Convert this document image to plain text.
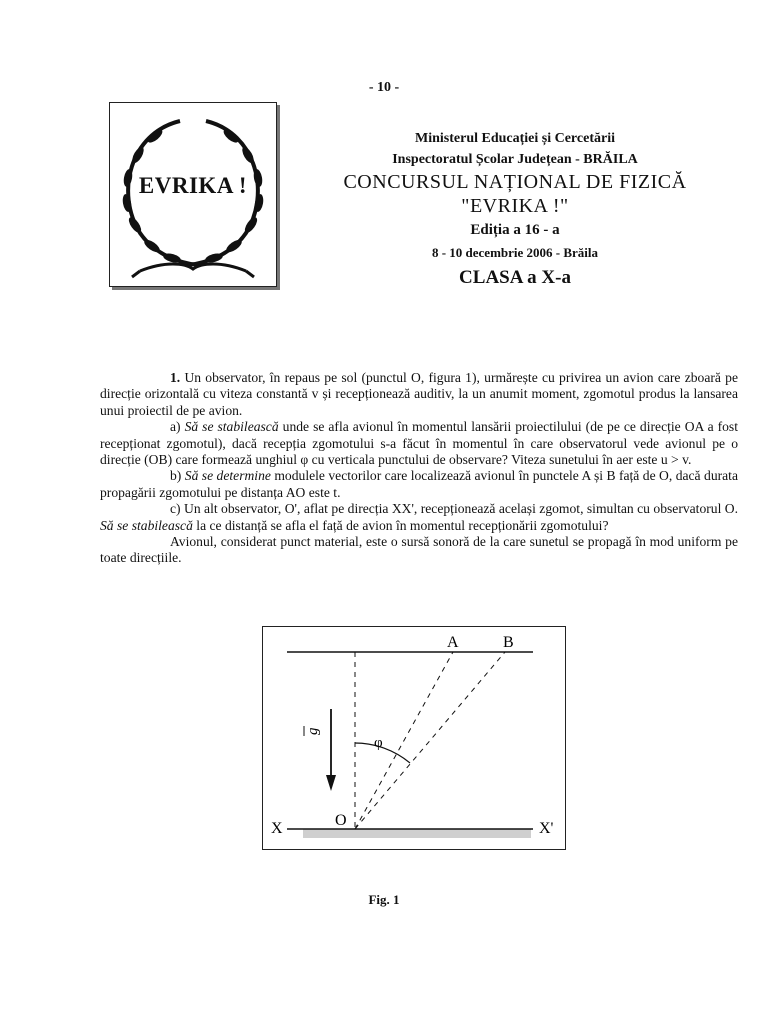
- 10 -
EVRIKA !
Ministerul Educației și Cercetării
Inspectoratul Școlar Județean - BRĂILA
CONCURSUL NAȚIONAL DE FIZICĂ
"EVRIKA !"
Ediția a 16 - a
8 - 10 decembrie 2006 - Brăila
CLASA a X-a

1. Un observator, în repaus pe sol (punctul O, figura 1), urmărește cu privirea un avion care zboară pe direcție orizontală cu viteza constantă v și recepționează auditiv, la un anumit moment, zgomotul produs la lansarea unui proiectil de pe avion.

a) Să se stabilească unde se afla avionul în momentul lansării proiectilului (de pe ce direcție OA a fost recepționat zgomotul), dacă recepția zgomotului s-a făcut în momentul în care observatorul vede avionul pe o direcție (OB) care formează unghiul φ cu verticala punctului de observare? Viteza sunetului în aer este u > v.

b) Să se determine modulele vectorilor care localizează avionul în punctele A și B față de O, dacă durata propagării zgomotului pe distanța AO este t.

c) Un alt observator, O', aflat pe direcția XX', recepționează același zgomot, simultan cu observatorul O. Să se stabilească la ce distanță se afla el față de avion în momentul recepționării zgomotului?

Avionul, considerat punct material, este o sursă sonoră de la care sunetul se propagă în mod uniform pe toate direcțiile.

A	B
g
φ
O
X	X'
Fig. 1
